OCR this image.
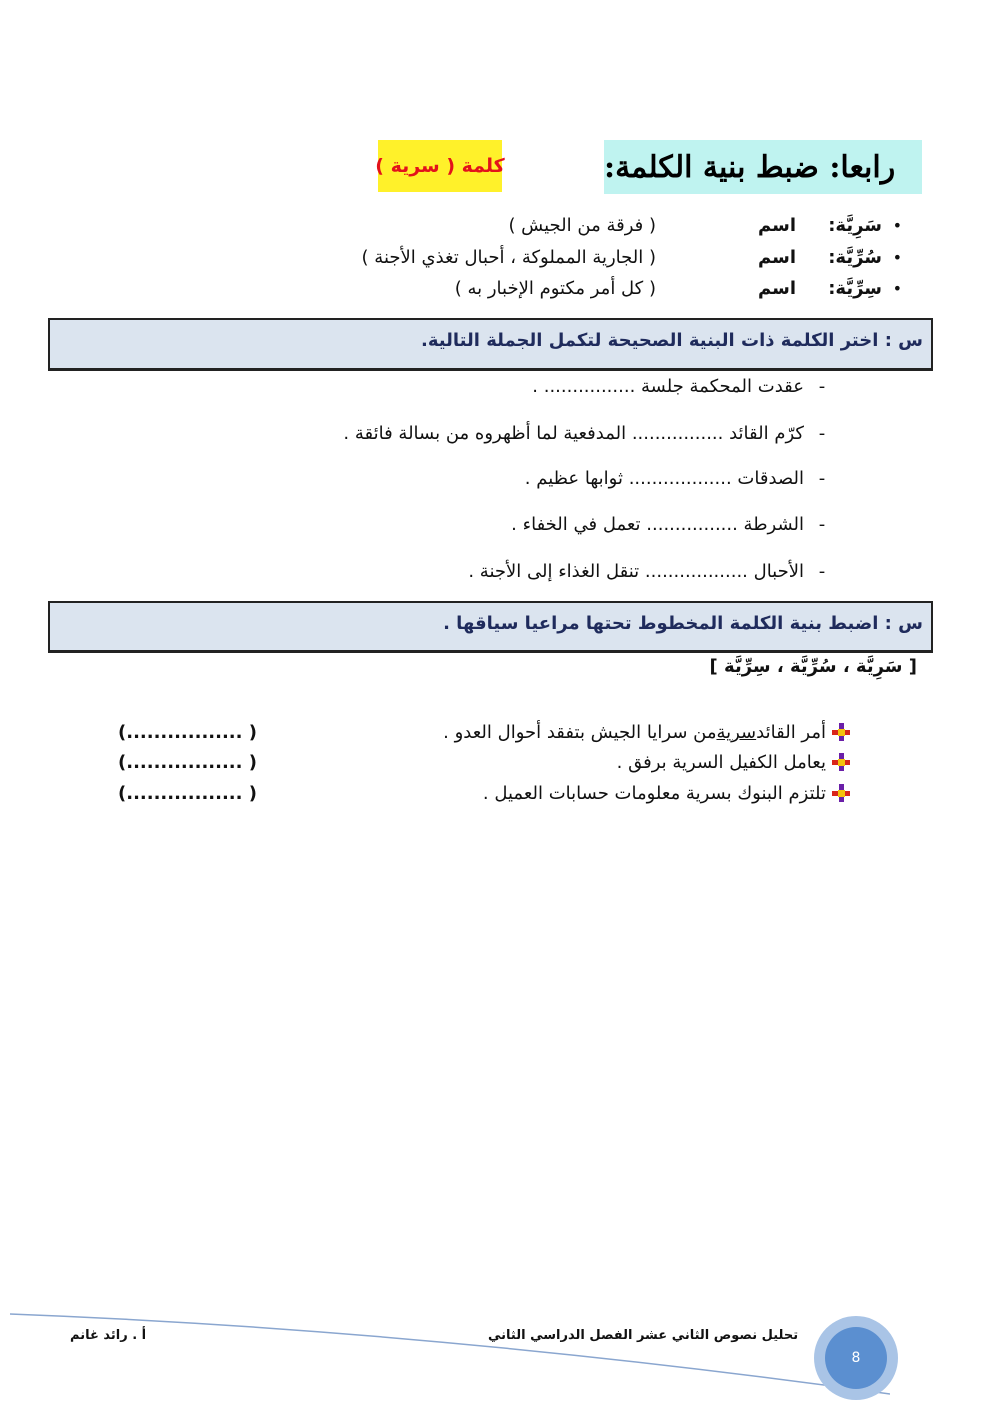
رابعا: ضبط بنية الكلمة:
كلمة ( سرية )
•
سَرِيَّة:
اسم
( فرقة من الجيش )
•
سُرِّيَّة:
اسم
( الجارية المملوكة ، أحبال تغذي الأجنة )
•
سِرِّيَّة:
اسم
( كل أمر مكتوم الإخبار به )
س : اختر الكلمة ذات البنية الصحيحة لتكمل الجملة التالية.
-
عقدت المحكمة جلسة ................ .
-
كرّم القائد ................ المدفعية لما أظهروه من بسالة فائقة .
-
الصدقات .................. ثوابها عظيم .
-
الشرطة ................ تعمل في الخفاء .
-
الأحبال .................. تنقل الغذاء إلى الأجنة .
س : اضبط بنية الكلمة المخطوط تحتها مراعيا سياقها .
[ سَرِيَّة ، سُرِّيَّة ، سِرِّيَّة ]
أمر القائد
سرية
من سرايا الجيش بتفقد أحوال العدو .
(................. )
يعامل الكفيل السرية برفق .
(................. )
تلتزم البنوك بسرية معلومات حسابات العميل .
(................. )
أ . رائد غانم	تحليل نصوص الثاني عشر الفصل الدراسي الثاني
8
